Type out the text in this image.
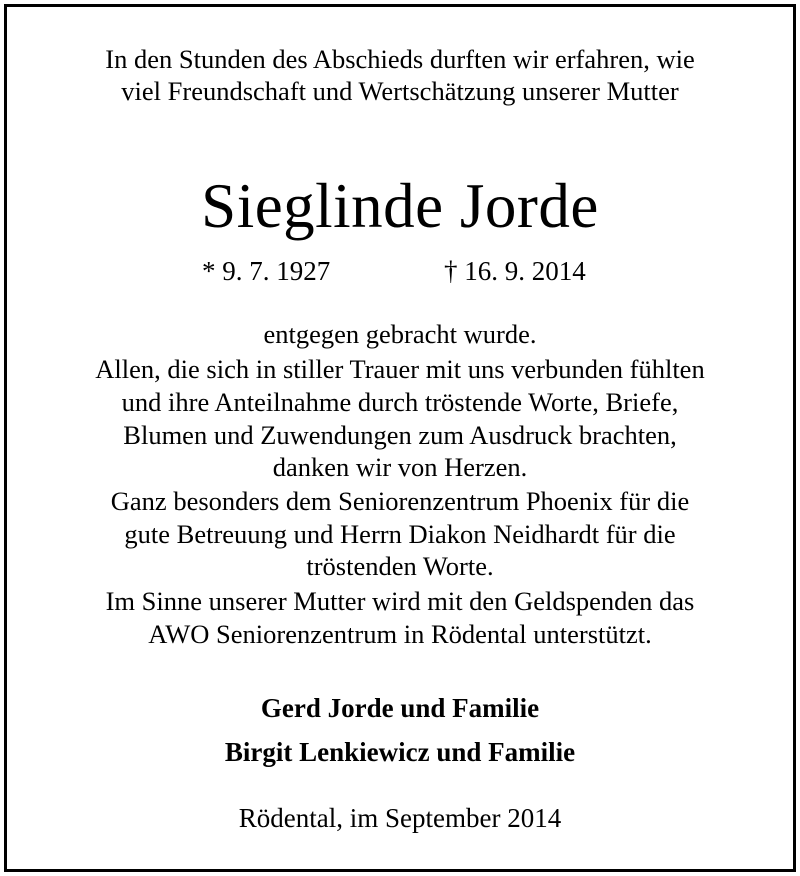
In den Stunden des Abschieds durften wir erfahren, wie
viel Freundschaft und Wertschätzung unserer Mutter
Sieglinde Jorde
* 9. 7. 1927	† 16. 9. 2014
entgegen gebracht wurde.
Allen, die sich in stiller Trauer mit uns verbunden fühlten
und ihre Anteilnahme durch tröstende Worte, Briefe,
Blumen und Zuwendungen zum Ausdruck brachten,
danken wir von Herzen.
Ganz besonders dem Seniorenzentrum Phoenix für die
gute Betreuung und Herrn Diakon Neidhardt für die
tröstenden Worte.
Im Sinne unserer Mutter wird mit den Geldspenden das
AWO Seniorenzentrum in Rödental unterstützt.
Gerd Jorde und Familie
Birgit Lenkiewicz und Familie
Rödental, im September 2014
